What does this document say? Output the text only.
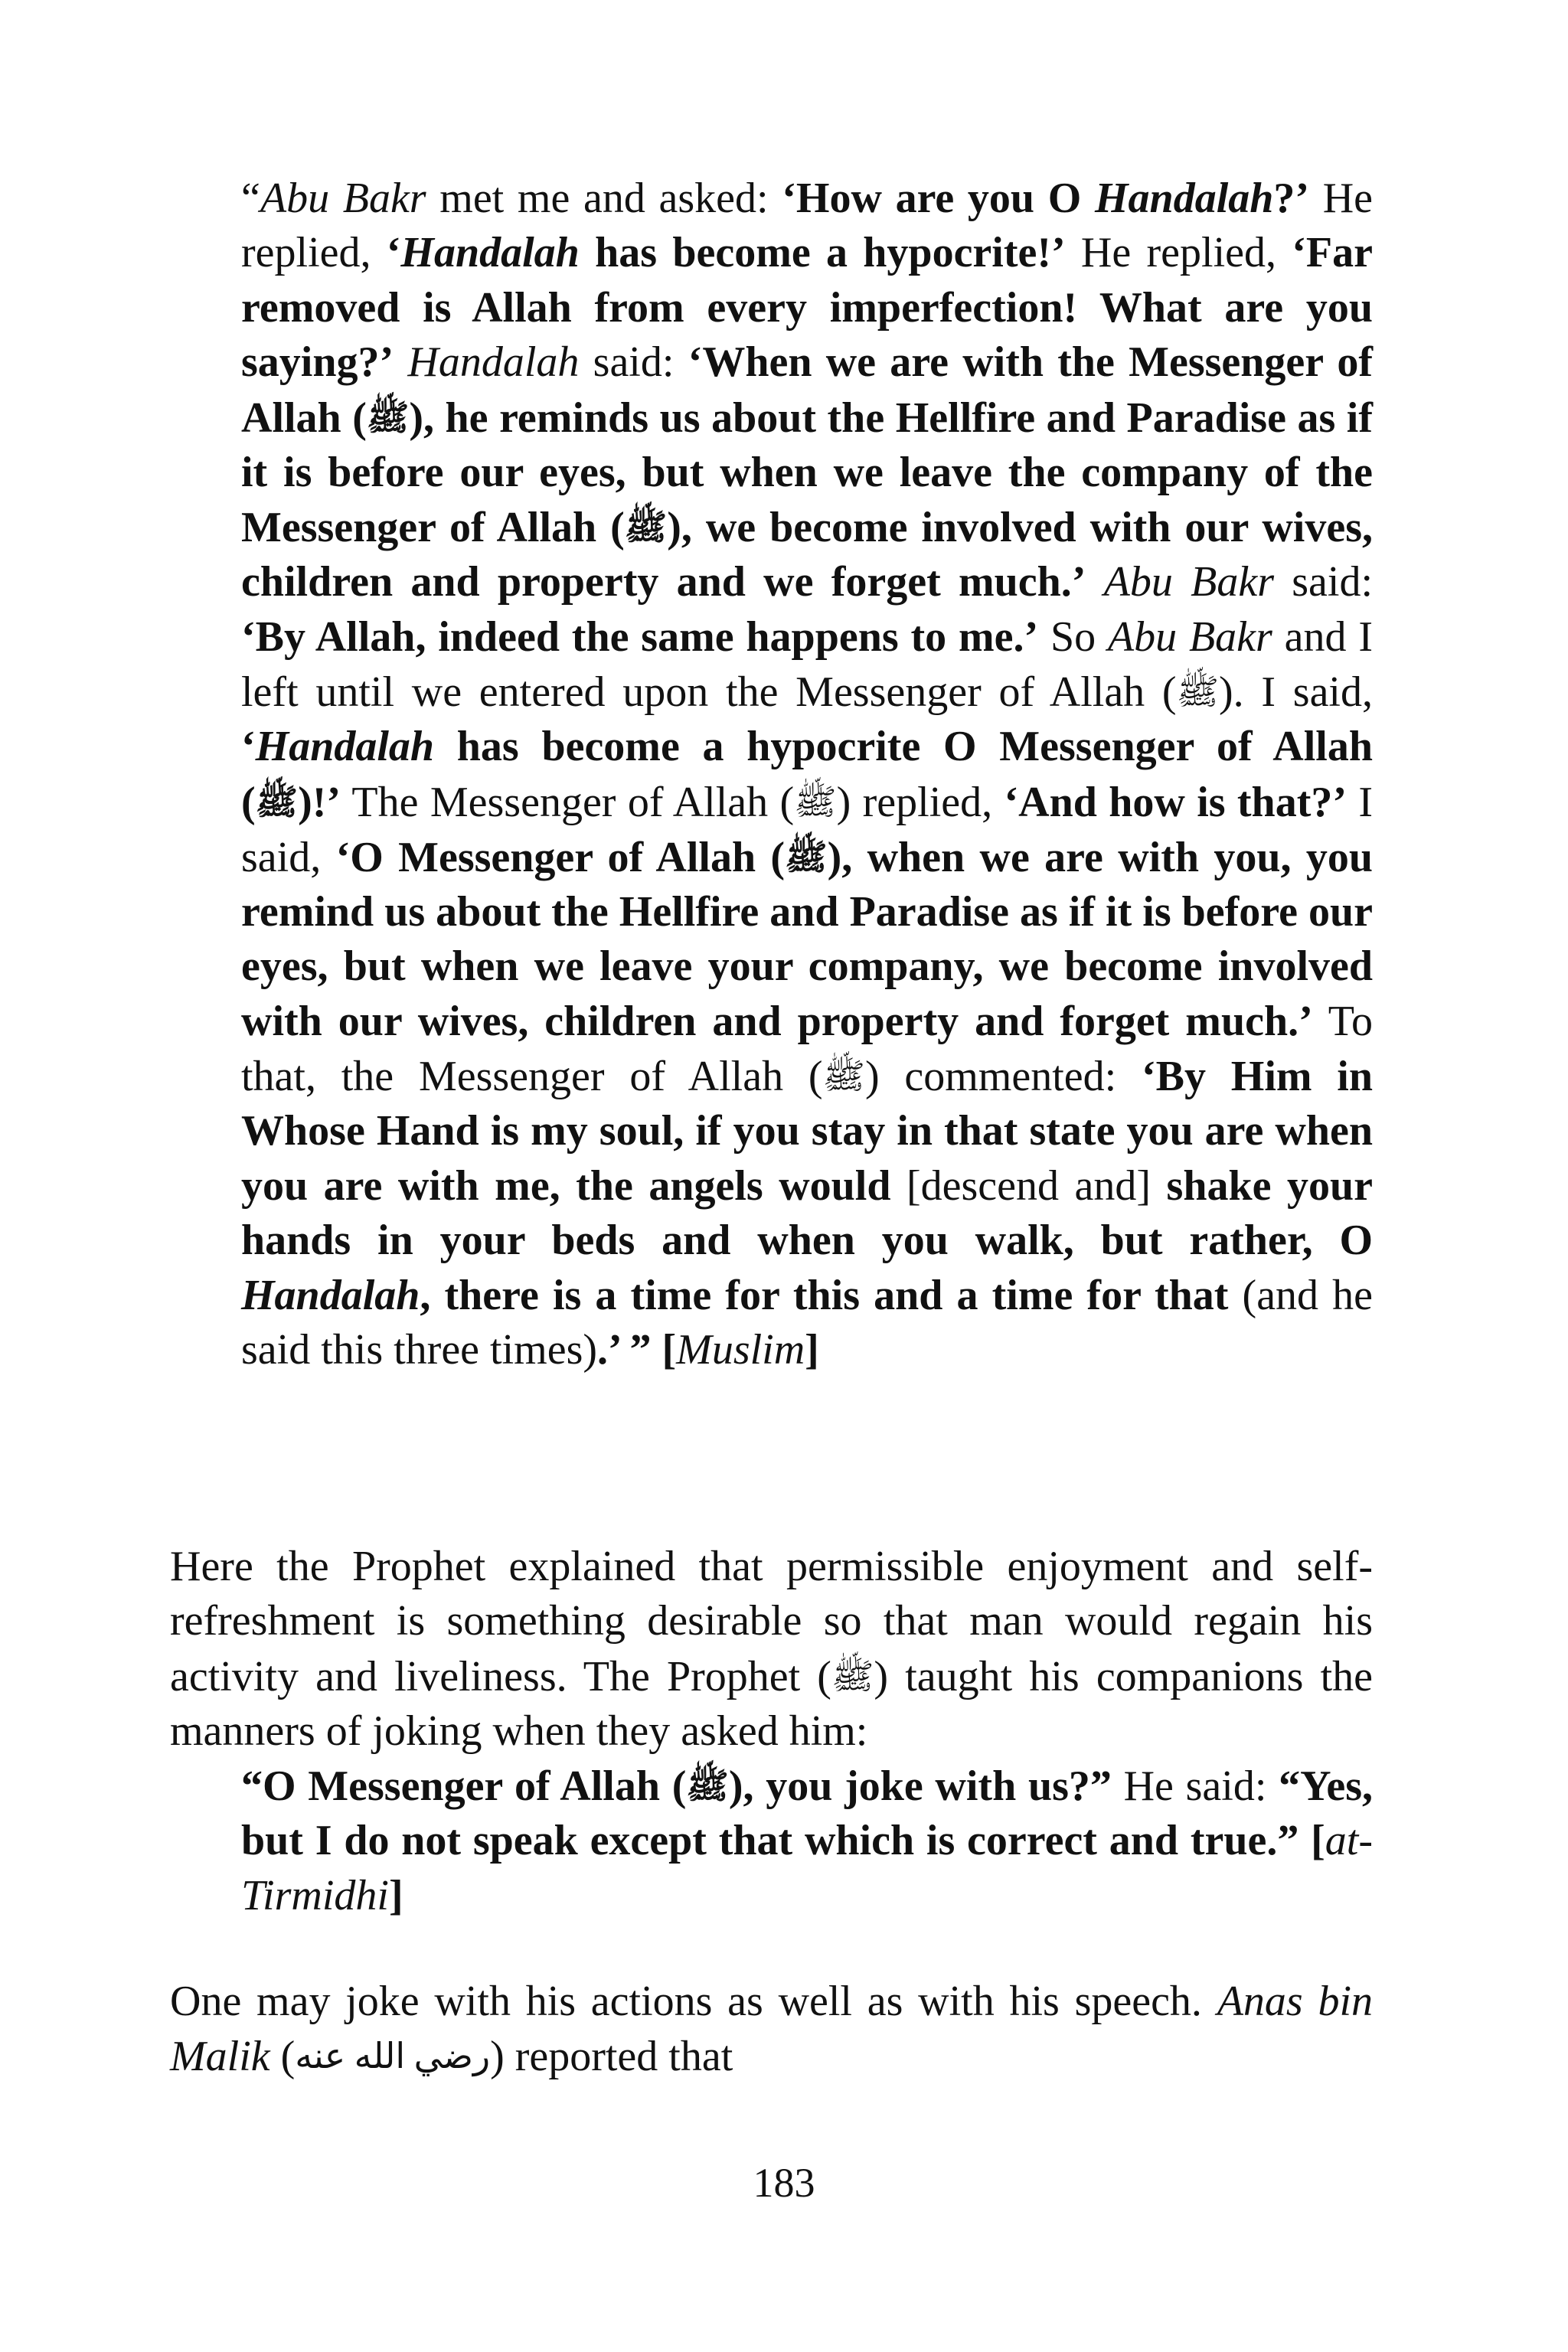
“Abu Bakr met me and asked: ‘How are you O Handalah?’ He replied, ‘Handalah has become a hypocrite!’ He replied, ‘Far removed is Allah from every imperfection! What are you saying?’ Handalah said: ‘When we are with the Messenger of Allah (ﷺ), he reminds us about the Hellfire and Paradise as if it is before our eyes, but when we leave the company of the Messenger of Allah (ﷺ), we become involved with our wives, children and property and we forget much.’ Abu Bakr said: ‘By Allah, indeed the same happens to me.’ So Abu Bakr and I left until we entered upon the Messenger of Allah (ﷺ). I said, ‘Handalah has become a hypocrite O Messenger of Allah (ﷺ)!’ The Messenger of Allah (ﷺ) replied, ‘And how is that?’ I said, ‘O Messenger of Allah (ﷺ), when we are with you, you remind us about the Hellfire and Paradise as if it is before our eyes, but when we leave your company, we become involved with our wives, children and property and forget much.’ To that, the Messenger of Allah (ﷺ) commented: ‘By Him in Whose Hand is my soul, if you stay in that state you are when you are with me, the angels would [descend and] shake your hands in your beds and when you walk, but rather, O Handalah, there is a time for this and a time for that (and he said this three times).’ ” [Muslim]
Here the Prophet explained that permissible enjoyment and self-refreshment is something desirable so that man would regain his activity and liveliness. The Prophet (ﷺ) taught his companions the manners of joking when they asked him:
“O Messenger of Allah (ﷺ), you joke with us?” He said: “Yes, but I do not speak except that which is correct and true.” [at-Tirmidhi]
One may joke with his actions as well as with his speech. Anas bin Malik (رضي الله عنه) reported that
183
